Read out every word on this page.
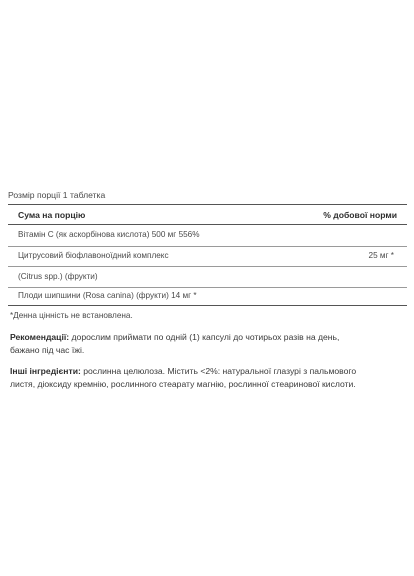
Розмір порції 1 таблетка
Сума на порцію	% добової норми
Вітамін С (як аскорбінова кислота) 500 мг 556%
Цитрусовий біофлавоноїдний комплекс	25 мг *
(Citrus spp.) (фрукти)
Плоди шипшини (Rosa canina) (фрукти) 14 мг *
*Денна цінність не встановлена.
Рекомендації: дорослим приймати по одній (1) капсулі до чотирьох разів на день,
бажано під час їжі.
Інші інгредієнти: рослинна целюлоза. Містить <2%: натуральної глазурі з пальмового
листя, діоксиду кремнію, рослинного стеарату магнію, рослинної стеаринової кислоти.
